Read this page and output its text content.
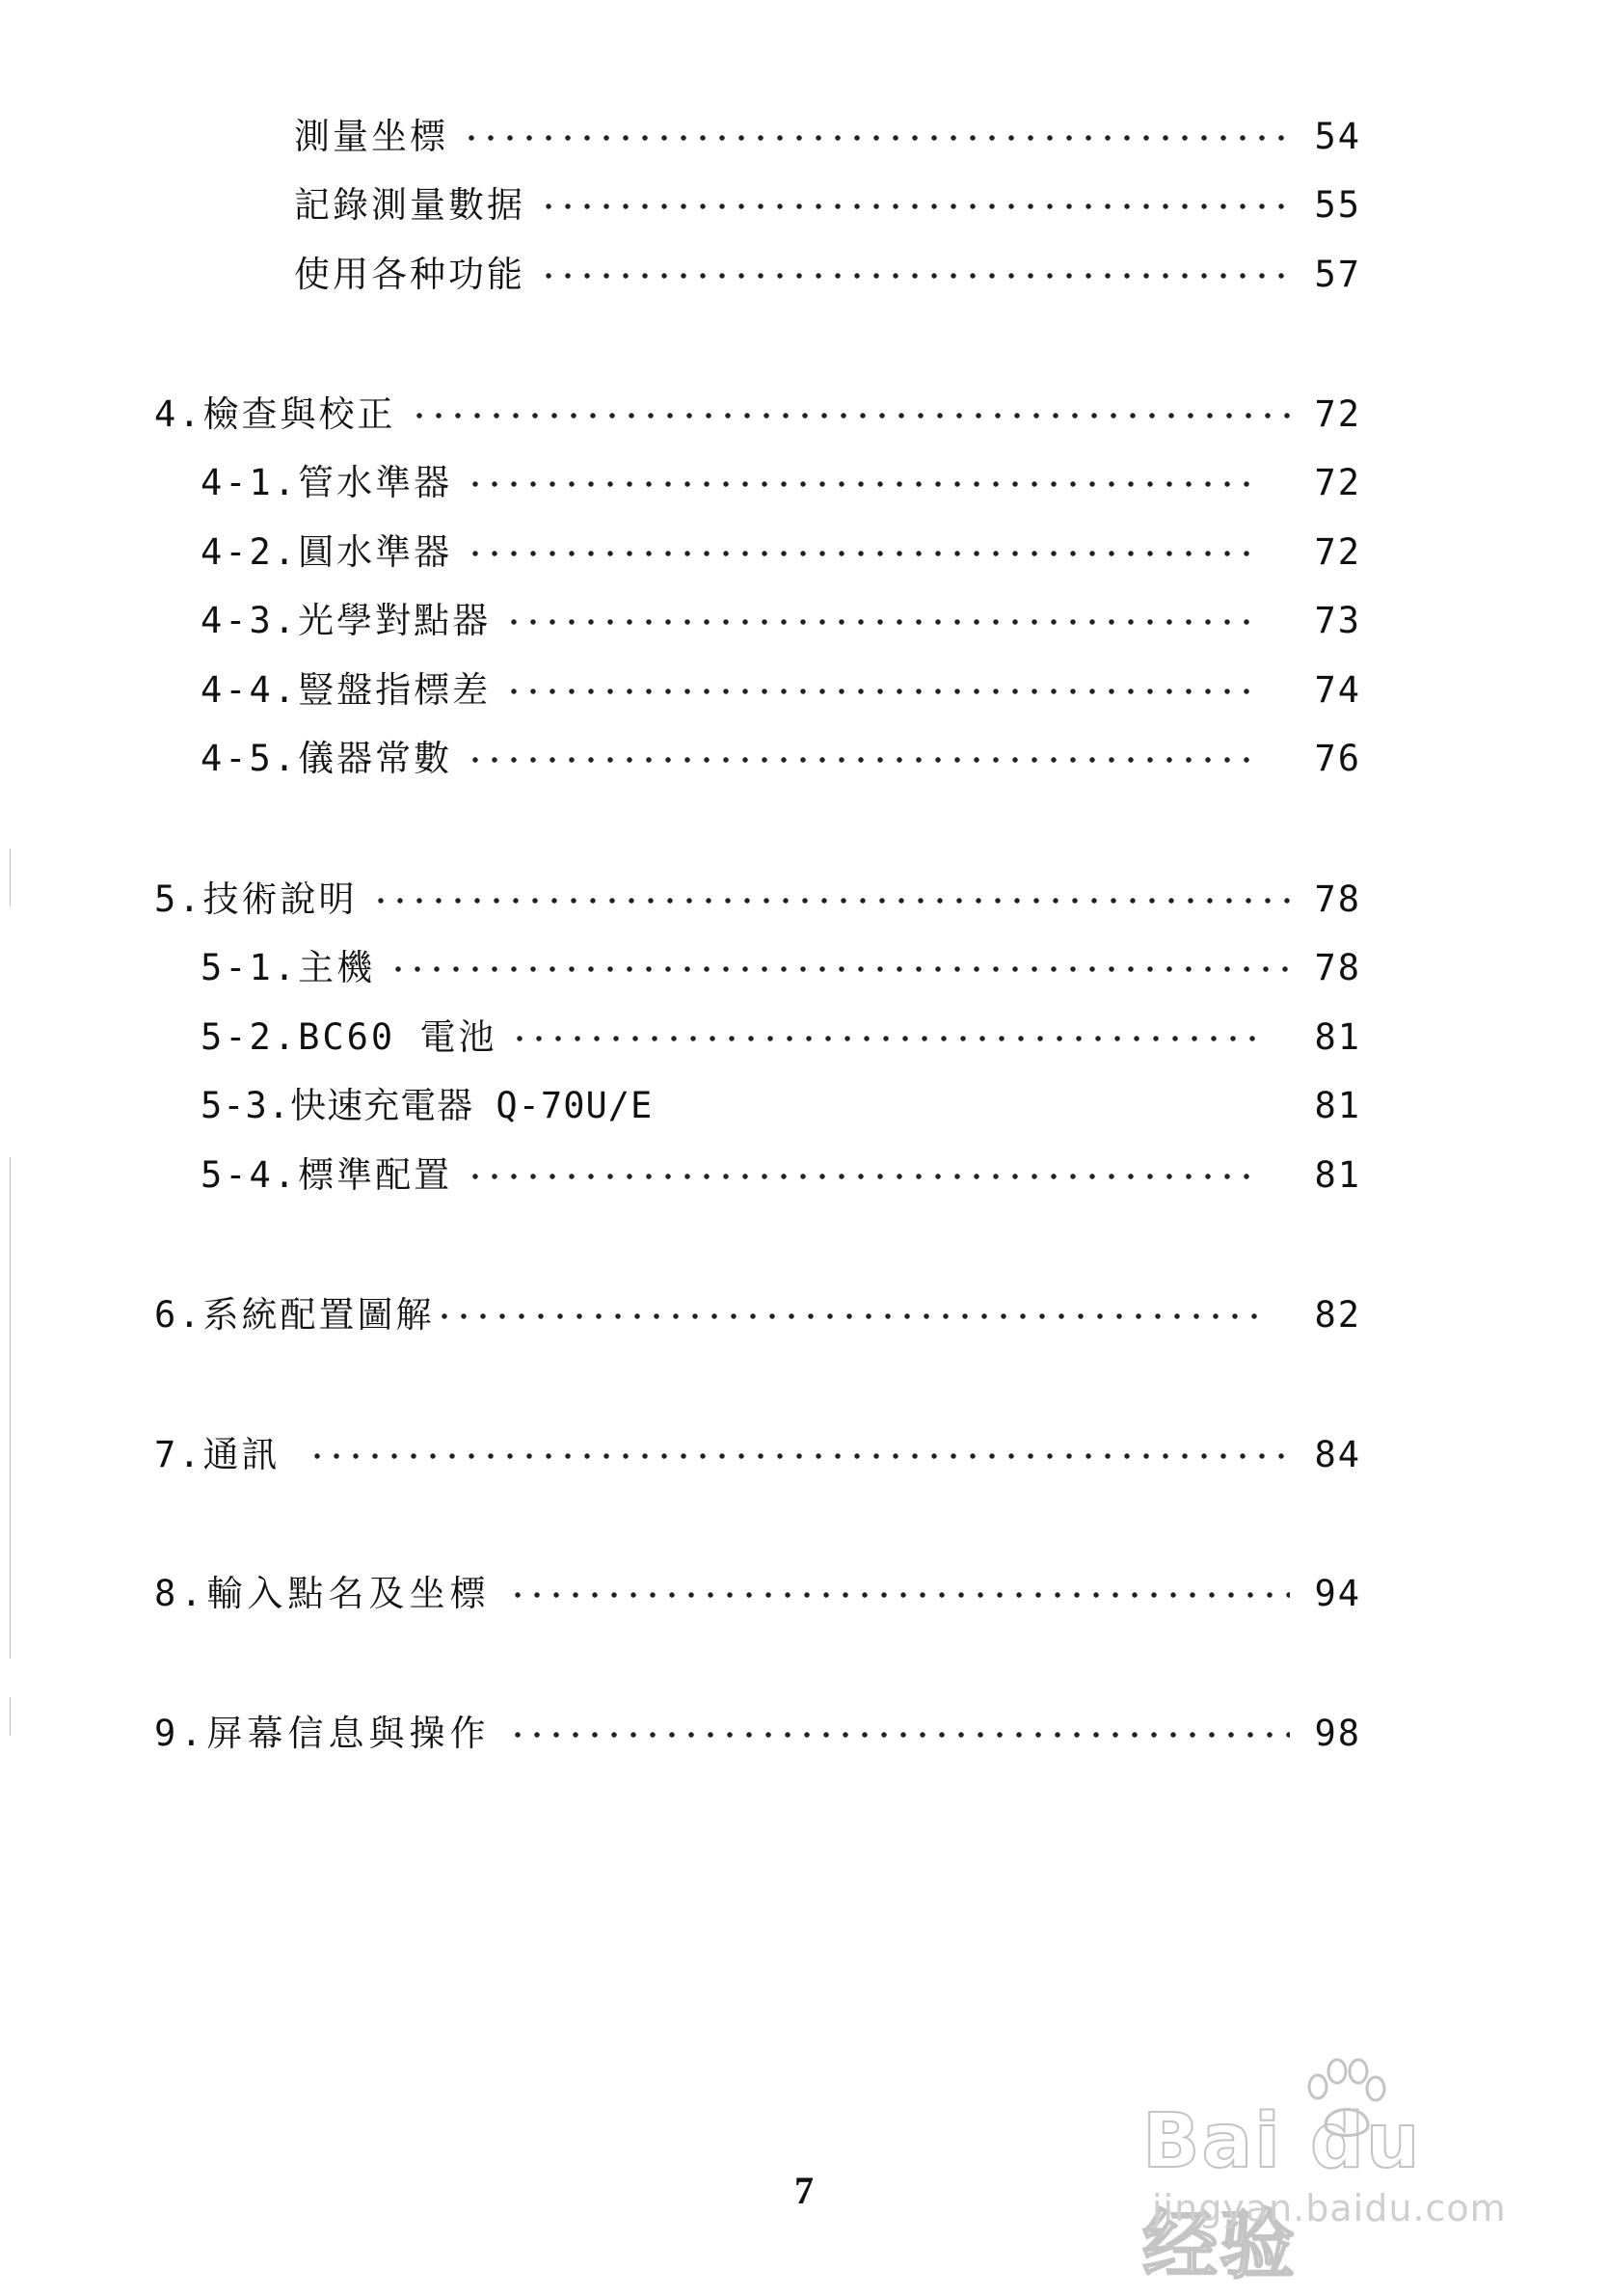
測量坐標	54
記錄測量數据	55
使用各种功能	57
4.檢查與校正	72
4-1.管水準器	72
4-2.圓水準器	72
4-3.光學對點器	73
4-4.豎盤指標差	74
4-5.儀器常數	76
5.技術說明	78
5-1.主機	78
5-2.BC60 電池	81
5-3.快速充電器 Q-70U/E	81
5-4.標準配置	81
6.系統配置圖解	82
7.通訊	84
8.輸入點名及坐標	94
9.屏幕信息與操作	98
7
Bai du 经验
jingyan.baidu.com
